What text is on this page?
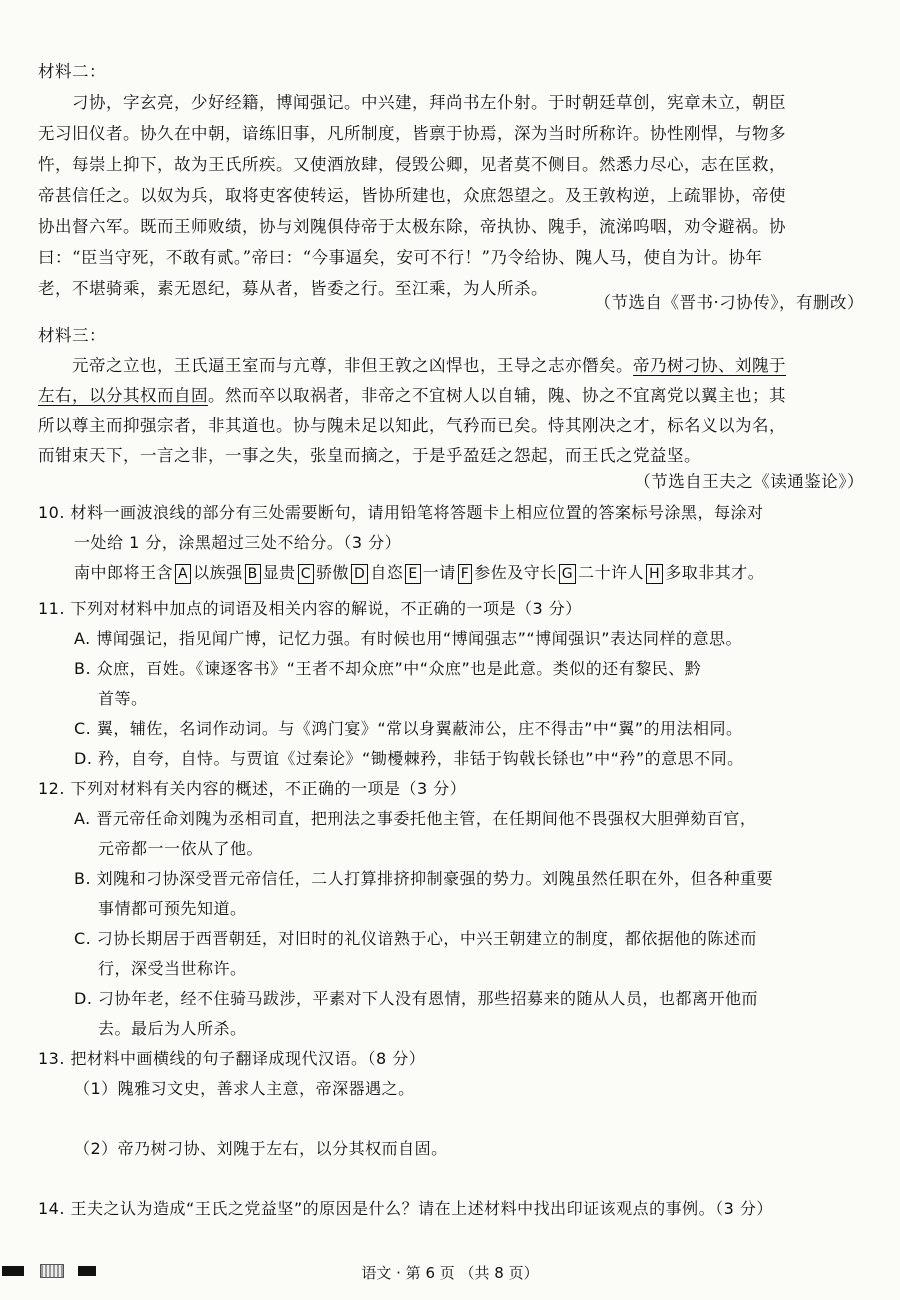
材料二：
刁协，字玄亮，少好经籍，博闻强记。中兴建，拜尚书左仆射。于时朝廷草创，宪章未立，朝臣
无习旧仪者。协久在中朝，谙练旧事，凡所制度，皆禀于协焉，深为当时所称许。协性刚悍，与物多
忤，每崇上抑下，故为王氏所疾。又使酒放肆，侵毁公卿，见者莫不侧目。然悉力尽心，志在匡救，
帝甚信任之。以奴为兵，取将吏客使转运，皆协所建也，众庶怨望之。及王敦构逆，上疏罪协，帝使
协出督六军。既而王师败绩，协与刘隗俱侍帝于太极东除，帝执协、隗手，流涕呜咽，劝令避祸。协
曰：“臣当守死，不敢有贰。”帝曰：“今事逼矣，安可不行！”乃令给协、隗人马，使自为计。协年
老，不堪骑乘，素无恩纪，募从者，皆委之行。至江乘，为人所杀。
（节选自《晋书·刁协传》，有删改）
材料三：
元帝之立也，王氏逼王室而与亢尊，非但王敦之凶悍也，王导之志亦僭矣。帝乃树刁协、刘隗于
左右，以分其权而自固。然而卒以取祸者，非帝之不宜树人以自辅，隗、协之不宜离党以翼主也；其
所以尊主而抑强宗者，非其道也。协与隗未足以知此，气矜而已矣。恃其刚决之才，标名义以为名，
而钳束天下，一言之非，一事之失，张皇而摘之，于是乎盈廷之怨起，而王氏之党益坚。
（节选自王夫之《读通鉴论》）
10. 材料一画波浪线的部分有三处需要断句，请用铅笔将答题卡上相应位置的答案标号涂黑，每涂对
一处给 1 分，涂黑超过三处不给分。（3 分）
南中郎将王含 A 以族强 B 显贵 C 骄傲 D 自恣 E 一请 F 参佐及守长 G 二十许人 H 多取非其才。
11. 下列对材料中加点的词语及相关内容的解说，不正确的一项是（3 分）
A. 博闻强记，指见闻广博，记忆力强。有时候也用“博闻强志”“博闻强识”表达同样的意思。
B. 众庶，百姓。《谏逐客书》“王者不却众庶”中“众庶”也是此意。类似的还有黎民、黔
首等。
C. 翼，辅佐，名词作动词。与《鸿门宴》“常以身翼蔽沛公，庄不得击”中“翼”的用法相同。
D. 矜，自夸，自恃。与贾谊《过秦论》“锄櫌棘矜，非铦于钩戟长铩也”中“矜”的意思不同。
12. 下列对材料有关内容的概述，不正确的一项是（3 分）
A. 晋元帝任命刘隗为丞相司直，把刑法之事委托他主管，在任期间他不畏强权大胆弹劾百官，
元帝都一一依从了他。
B. 刘隗和刁协深受晋元帝信任，二人打算排挤抑制豪强的势力。刘隗虽然任职在外，但各种重要
事情都可预先知道。
C. 刁协长期居于西晋朝廷，对旧时的礼仪谙熟于心，中兴王朝建立的制度，都依据他的陈述而
行，深受当世称许。
D. 刁协年老，经不住骑马跋涉，平素对下人没有恩情，那些招募来的随从人员，也都离开他而
去。最后为人所杀。
13. 把材料中画横线的句子翻译成现代汉语。（8 分）
（1）隗雅习文史，善求人主意，帝深器遇之。
（2）帝乃树刁协、刘隗于左右，以分其权而自固。
14. 王夫之认为造成“王氏之党益坚”的原因是什么？请在上述材料中找出印证该观点的事例。（3 分）
语文 · 第 6 页 （共 8 页）
